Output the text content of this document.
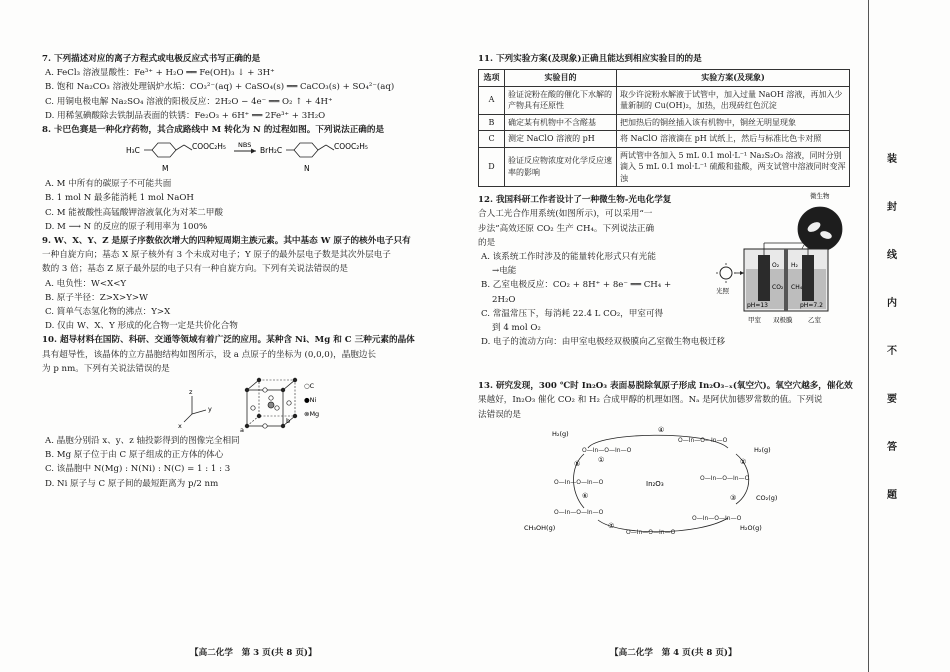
7. 下列描述对应的离子方程式或电极反应式书写正确的是
A. FeCl₃ 溶液显酸性：Fe³⁺ + H₂O ══ Fe(OH)₃ ↓ + 3H⁺
B. 饱和 Na₂CO₃ 溶液处理锅炉水垢：CO₃²⁻(aq) + CaSO₄(s) ══ CaCO₃(s) + SO₄²⁻(aq)
C. 用铜电极电解 Na₂SO₄ 溶液的阳极反应：2H₂O − 4e⁻ ══ O₂ ↑ + 4H⁺
D. 用稀氢碘酸除去铁制品表面的铁锈：Fe₂O₃ + 6H⁺ ══ 2Fe³⁺ + 3H₂O
8. 卡巴色赛是一种化疗药物，其合成路线中 M 转化为 N 的过程如图。下列说法正确的是
H₃C	COOC₂H₅
M
NBS
BrH₂C	COOC₂H₅
N
A. M 中所有的碳原子不可能共面
B. 1 mol N 最多能消耗 1 mol NaOH
C. M 能被酸性高锰酸钾溶液氧化为对苯二甲酸
D. M ⟶ N 的反应的原子利用率为 100%
9. W、X、Y、Z 是原子序数依次增大的四种短周期主族元素。其中基态 W 原子的核外电子只有
一种自旋方向；基态 X 原子核外有 3 个未成对电子；Y 原子的最外层电子数是其次外层电子
数的 3 倍；基态 Z 原子最外层的电子只有一种自旋方向。下列有关说法错误的是
A. 电负性：W<X<Y
B. 原子半径：Z>X>Y>W
C. 简单气态氢化物的沸点：Y>X
D. 仅由 W、X、Y 形成的化合物一定是共价化合物
10. 超导材料在国防、科研、交通等领域有着广泛的应用。某种含 Ni、Mg 和 C 三种元素的晶体
具有超导性，该晶体的立方晶胞结构如图所示，设 a 点原子的坐标为 (0,0,0)，晶胞边长
为 p nm。下列有关说法错误的是
z
y
x	a
b
○C
●Ni
⊗Mg
A. 晶胞分别沿 x、y、z 轴投影得到的图像完全相同
B. Mg 原子位于由 C 原子组成的正方体的体心
C. 该晶胞中 N(Mg) : N(Ni) : N(C) = 1 : 1 : 3
D. Ni 原子与 C 原子间的最短距离为 p/2 nm
【高二化学　第 3 页(共 8 页)】
11. 下列实验方案(及现象)正确且能达到相应实验目的的是
选项	实验目的	实验方案(及现象)
A	验证淀粉在酸的催化下水解的产物具有还原性	取少许淀粉水解液于试管中，加入过量 NaOH 溶液，再加入少量新制的 Cu(OH)₂，加热，出现砖红色沉淀
B	确定某有机物中不含醛基	把加热后的铜丝插入该有机物中，铜丝无明显现象
C	测定 NaClO 溶液的 pH	将 NaClO 溶液滴在 pH 试纸上，然后与标准比色卡对照
D	验证反应物浓度对化学反应速率的影响	两试管中各加入 5 mL 0.1 mol·L⁻¹ Na₂S₂O₃ 溶液，同时分别滴入 5 mL 0.1 mol·L⁻¹ 硫酸和盐酸，两支试管中溶液同时变浑浊
12. 我国科研工作者设计了一种微生物-光电化学复
合人工光合作用系统(如图所示)，可以采用“一
步法”高效还原 CO₂ 生产 CH₄。下列说法正确
的是
A. 该系统工作时涉及的能量转化形式只有光能
→电能
B. 乙室电极反应：CO₂ + 8H⁺ + 8e⁻ ══ CH₄ +
2H₂O
C. 常温常压下，每消耗 22.4 L CO₂，甲室可得
到 4 mol O₂
D. 电子的流动方向：由甲室电极经双极膜向乙室微生物电极迁移
微生物
O₂ H₂
CO₂ CH₄
pH=13	pH=7.2
光照
甲室 双极膜 乙室
13. 研究发现，300 ℃时 In₂O₃ 表面易脱除氧原子形成 In₂O₃₋ₓ(氧空穴)。氧空穴越多，催化效
果越好，In₂O₃ 催化 CO₂ 和 H₂ 合成甲醇的机理如图。Nₐ 是阿伏加德罗常数的值。下列说
法错误的是
O—In—O—In—O
O—In—O—In—O
O—In—O—In—O
O—In—O—In—O
O—In—O—In—O
O—In—O—In—O
O—In—O—In—O
In₂O₃
H₂(g)
H₂(g)
CO₂(g)
H₂O(g)
CH₃OH(g)
①	②
③
④
⑤
⑥
⑦
【高二化学　第 4 页(共 8 页)】
装
封
线
内
不
要
答
题
